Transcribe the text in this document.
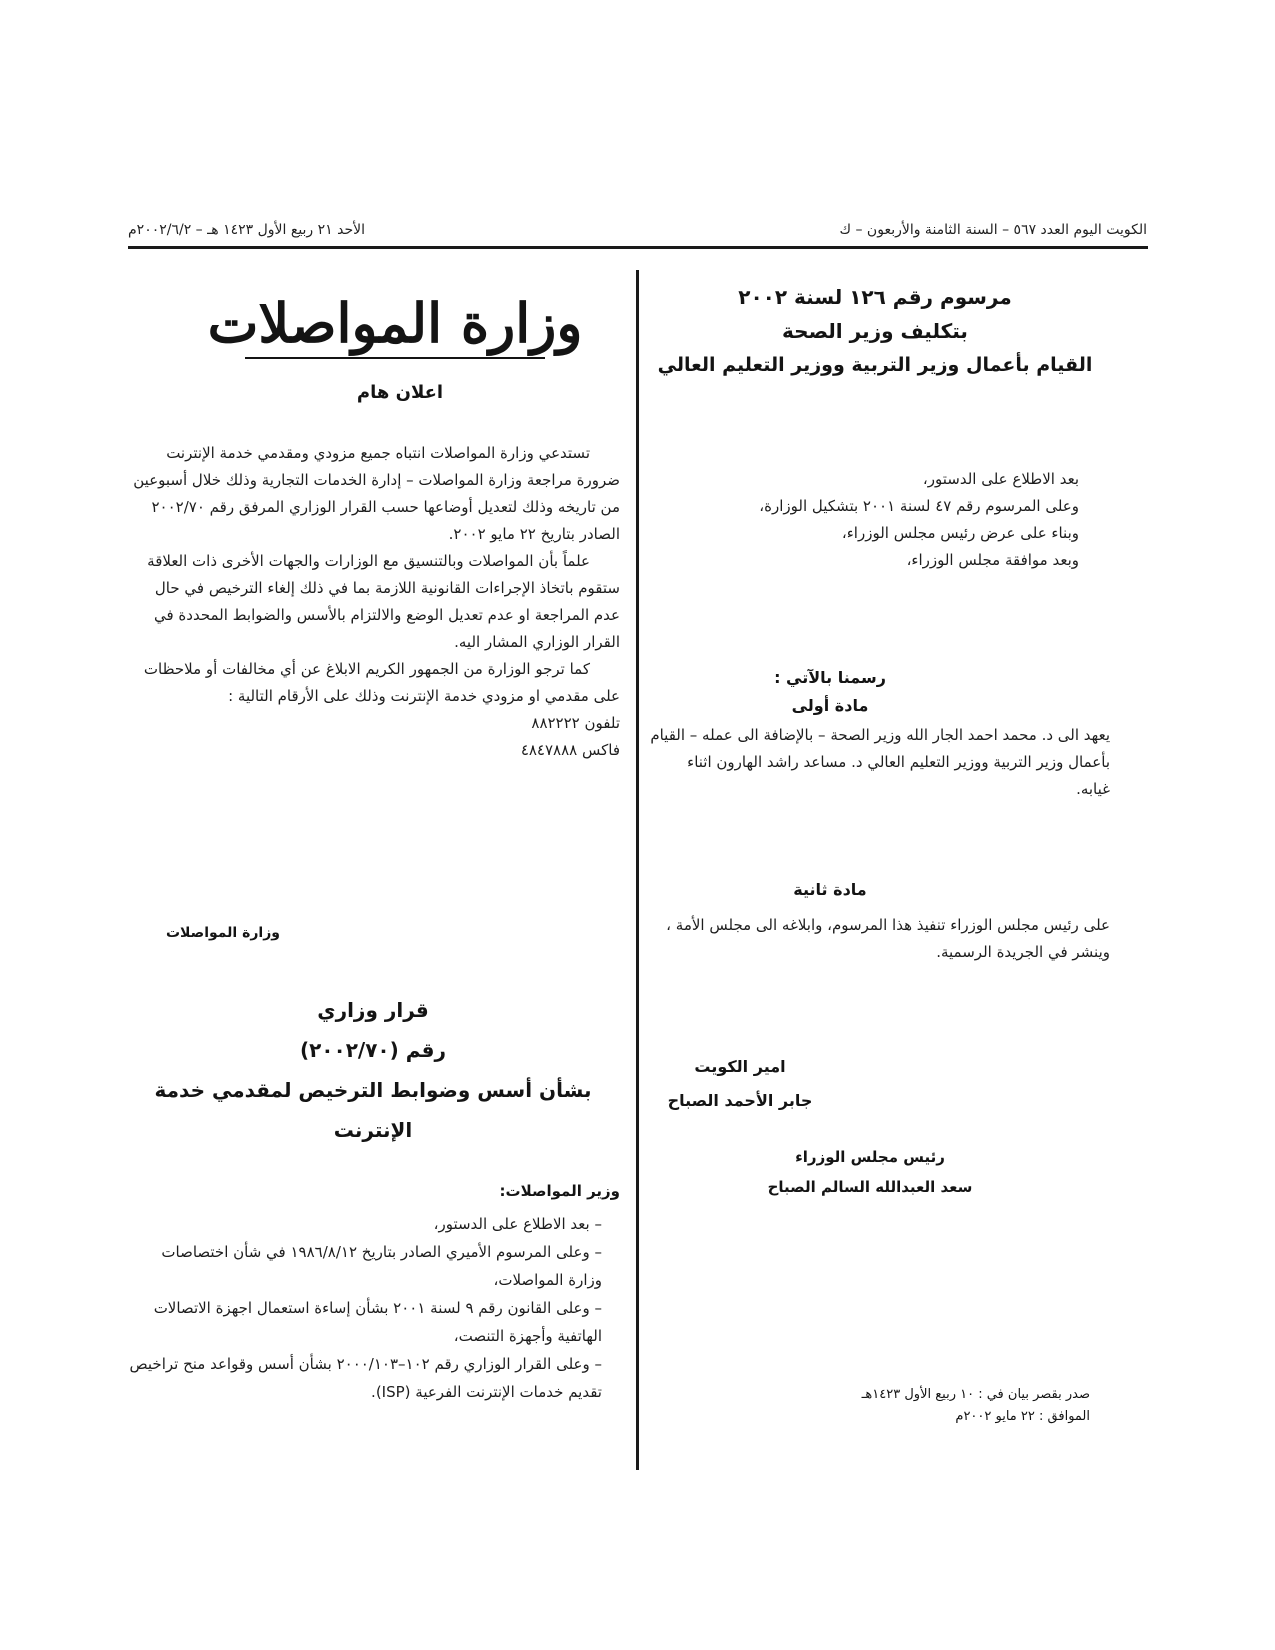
الكويت اليوم العدد ٥٦٧ – السنة الثامنة والأربعون – ك
الأحد ٢١ ربيع الأول ١٤٢٣ هـ – ٢٠٠٢/٦/٢م
مرسوم رقم ١٢٦ لسنة ٢٠٠٢
بتكليف وزير الصحة
القيام بأعمال وزير التربية ووزير التعليم العالي
بعد الاطلاع على الدستور،
وعلى المرسوم رقم ٤٧ لسنة ٢٠٠١ بتشكيل الوزارة،
وبناء على عرض رئيس مجلس الوزراء،
وبعد موافقة مجلس الوزراء،
رسمنا بالآتي :
مادة أولى
يعهد الى د. محمد احمد الجار الله وزير الصحة – بالإضافة الى عمله – القيام بأعمال وزير التربية ووزير التعليم العالي د. مساعد راشد الهارون اثناء غيابه.
مادة ثانية
على رئيس مجلس الوزراء تنفيذ هذا المرسوم، وابلاغه الى مجلس الأمة ، وينشر في الجريدة الرسمية.
امير الكويت
جابر الأحمد الصباح
رئيس مجلس الوزراء
سعد العبدالله السالم الصباح
صدر بقصر بيان في : ١٠ ربيع الأول ١٤٢٣هـ
الموافق : ٢٢ مايو ٢٠٠٢م
وزارة المواصلات
اعلان هام

تستدعي وزارة المواصلات انتباه جميع مزودي ومقدمي خدمة الإنترنت ضرورة مراجعة وزارة المواصلات – إدارة الخدمات التجارية وذلك خلال أسبوعين من تاريخه وذلك لتعديل أوضاعها حسب القرار الوزاري المرفق رقم ٢٠٠٢/٧٠ الصادر بتاريخ ٢٢ مايو ٢٠٠٢.

علماً بأن المواصلات وبالتنسيق مع الوزارات والجهات الأخرى ذات العلاقة ستقوم باتخاذ الإجراءات القانونية اللازمة بما في ذلك إلغاء الترخيص في حال عدم المراجعة او عدم تعديل الوضع والالتزام بالأسس والضوابط المحددة في القرار الوزاري المشار اليه.

كما ترجو الوزارة من الجمهور الكريم الابلاغ عن أي مخالفات أو ملاحظات على مقدمي او مزودي خدمة الإنترنت وذلك على الأرقام التالية :

تلفون ٨٨٢٢٢٢
فاكس ٤٨٤٧٨٨٨
وزارة المواصلات
قرار وزاري
رقم (٢٠٠٢/٧٠)
بشأن أسس وضوابط الترخيص لمقدمي خدمة
الإنترنت
وزير المواصلات:
– بعد الاطلاع على الدستور،
– وعلى المرسوم الأميري الصادر بتاريخ ١٩٨٦/٨/١٢ في شأن اختصاصات وزارة المواصلات،
– وعلى القانون رقم ٩ لسنة ٢٠٠١ بشأن إساءة استعمال اجهزة الاتصالات الهاتفية وأجهزة التنصت،
– وعلى القرار الوزاري رقم ١٠٢–٢٠٠٠/١٠٣ بشأن أسس وقواعد منح تراخيص تقديم خدمات الإنترنت الفرعية (ISP).
